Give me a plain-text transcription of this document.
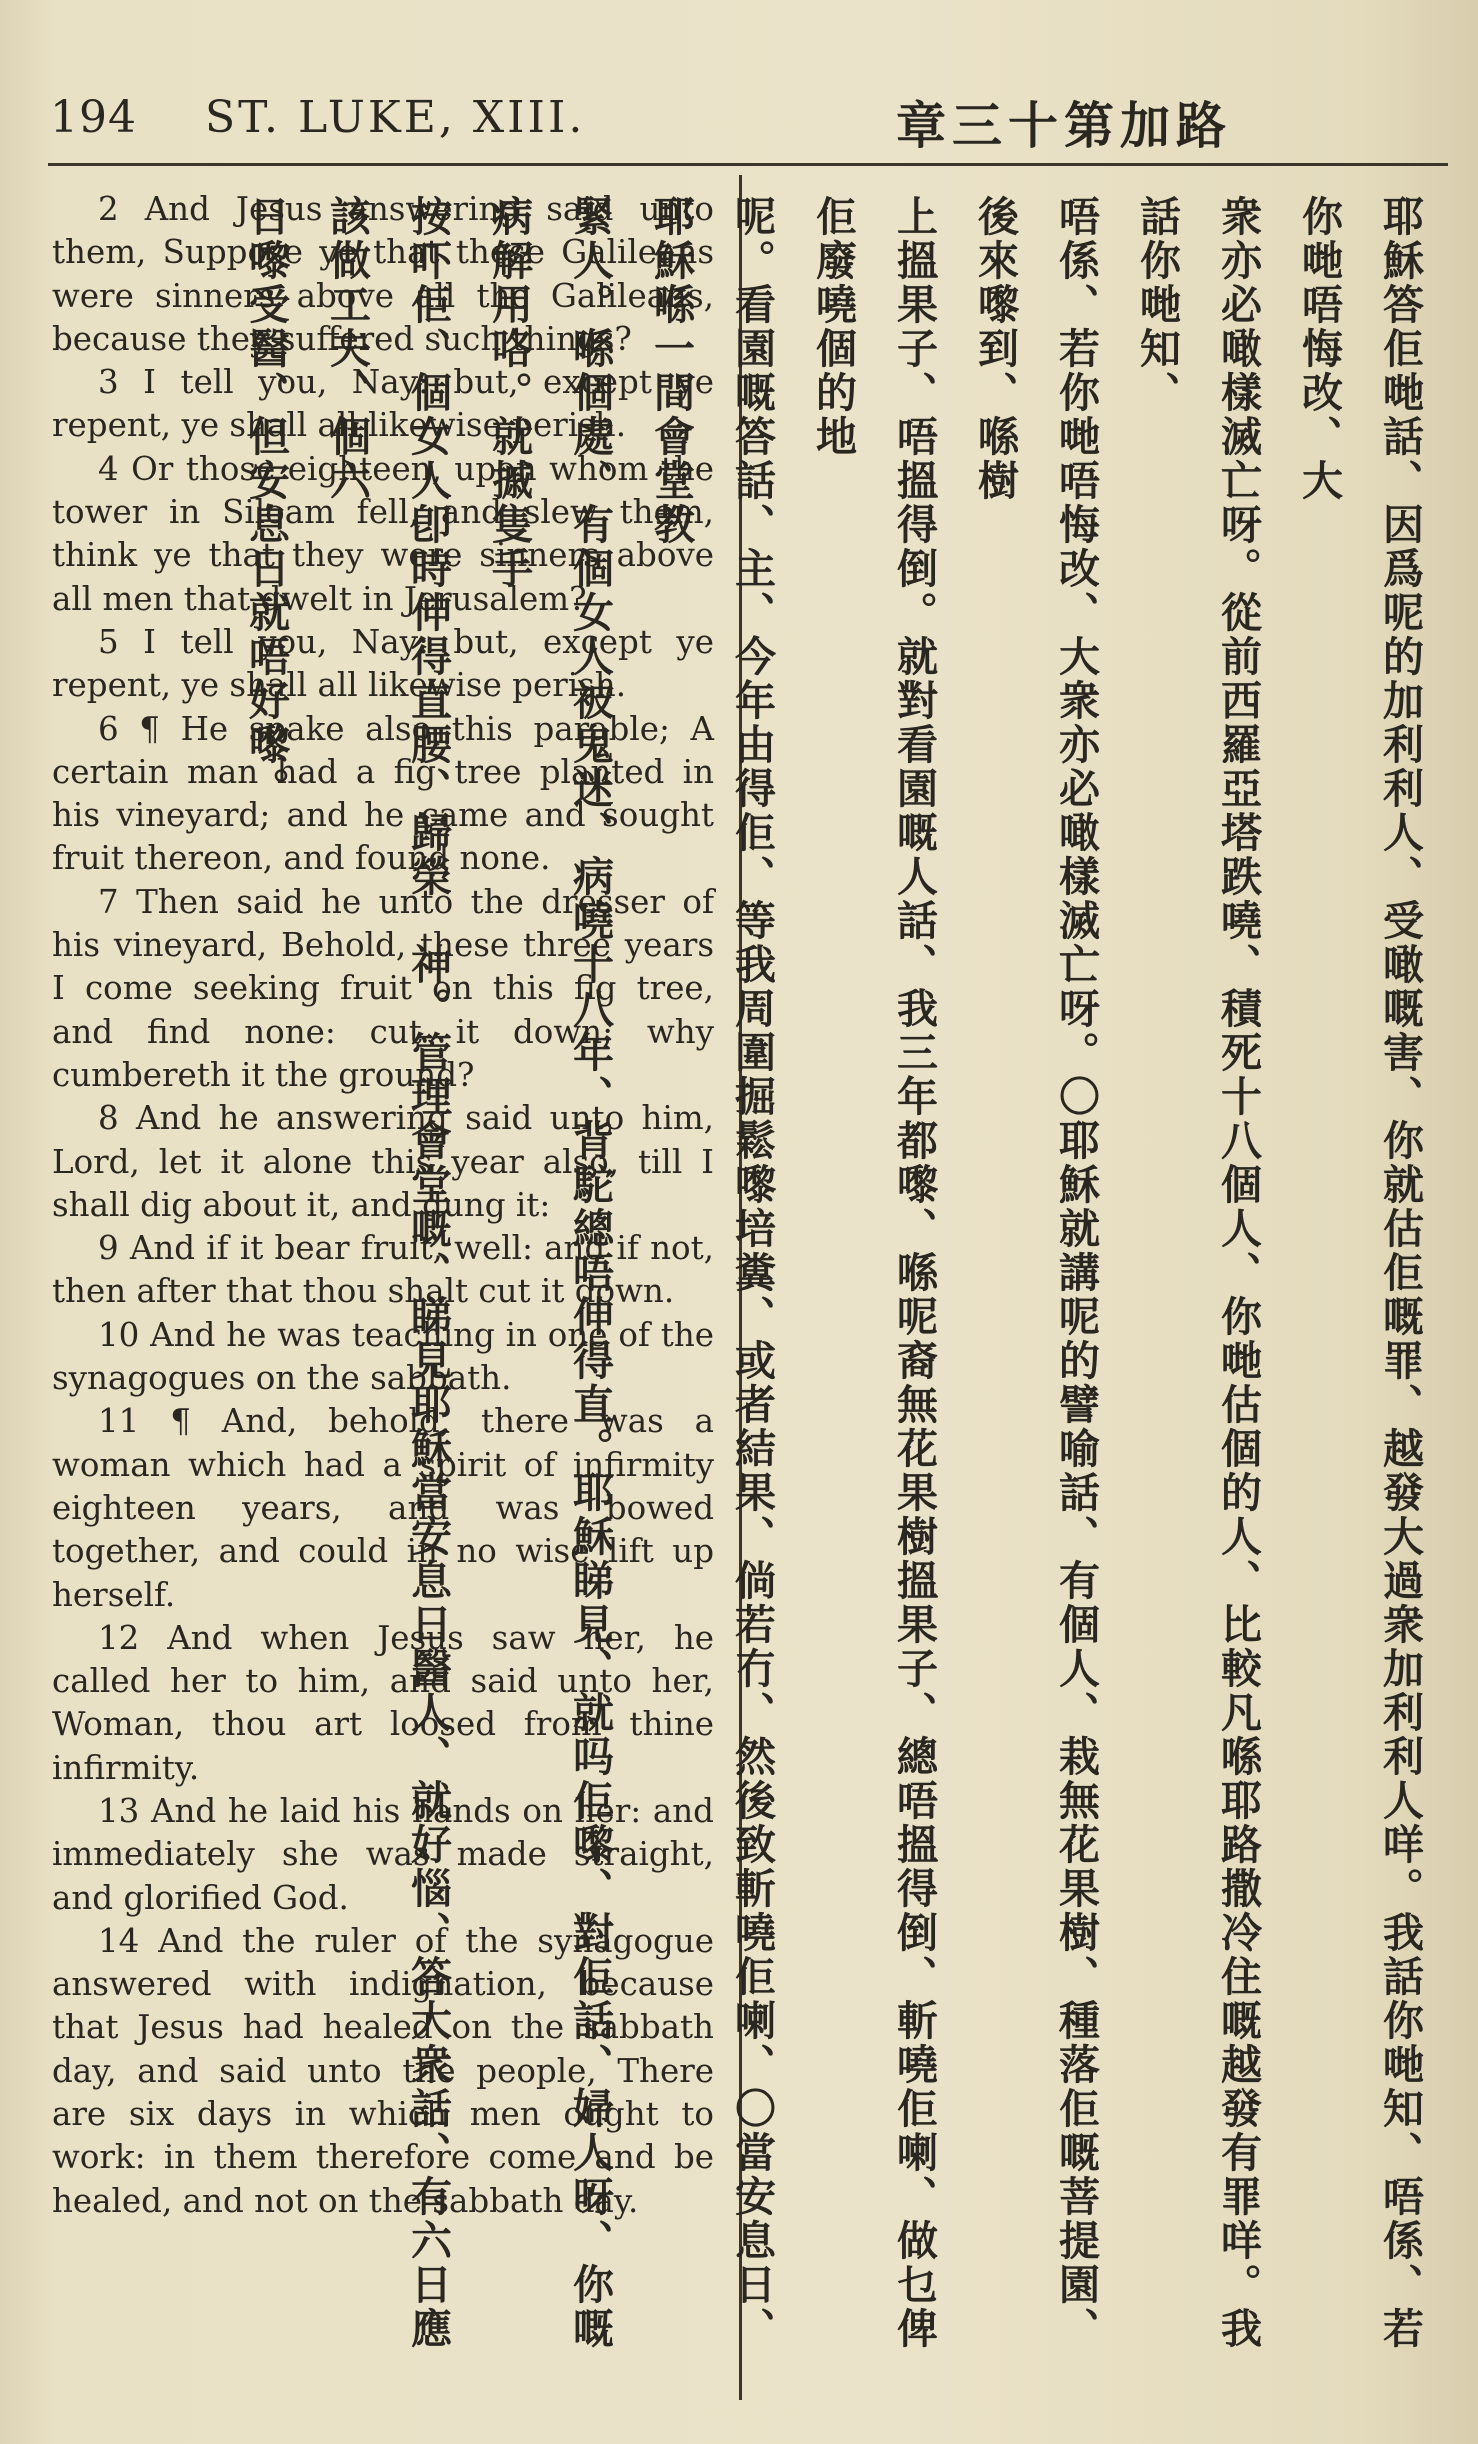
194 ST. LUKE, XIII.	路加第十三章

2 And Jesus answering said unto them, Suppose ye that these Galileans were sinners above all the Galileans, because they suffered such things?

3 I tell you, Nay: but, except ye repent, ye shall all likewise perish.

4 Or those eighteen, upon whom the tower in Siloam fell, and slew them, think ye that they were sinners above all men that dwelt in Jerusalem?

5 I tell you, Nay: but, except ye repent, ye shall all likewise perish.

6 ¶ He spake also this parable; A certain man had a fig tree planted in his vineyard; and he came and sought fruit thereon, and found none.

7 Then said he unto the dresser of his vineyard, Behold, these three years I come seeking fruit on this fig tree, and find none: cut it down; why cumbereth it the ground?

8 And he answering said unto him, Lord, let it alone this year also, till I shall dig about it, and dung it:

9 And if it bear fruit, well: and if not, then after that thou shalt cut it down.

10 And he was teaching in one of the synagogues on the sabbath.

11 ¶ And, behold, there was a woman which had a spirit of infirmity eighteen years, and was bowed together, and could in no wise lift up herself.

12 And when Jesus saw her, he called her to him, and said unto her, Woman, thou art loosed from thine infirmity.

13 And he laid his hands on her: and immediately she was made straight, and glorified God.

14 And the ruler of the synagogue answered with indignation, because that Jesus had healed on the sabbath day, and said unto the people, There are six days in which men ought to work: in them therefore come and be healed, and not on the sabbath day.	耶穌答佢哋話、因爲呢的加利利人、受噉嘅害、你就估佢嘅罪、越發大過衆加利利人咩。我話你哋知、唔係、若你哋唔悔改、大
衆亦必噉樣滅亡呀。從前西羅亞塔跌嘵、積死十八個人、你哋估個的人、比較凡喺耶路撒冷住嘅越發有罪咩。我話你哋知、
唔係、若你哋唔悔改、大衆亦必噉樣滅亡呀。〇耶穌就講呢的譬喻話、有個人、栽無花果樹、種落佢嘅菩提園、後來嚟到、喺樹
上搵果子、唔搵得倒。就對看園嘅人話、我三年都嚟、喺呢裔無花果樹搵果子、總唔搵得倒、斬嘵佢喇、做乜俾佢廢嘵個的地
呢。看園嘅答話、主、今年由得佢、等我周圍掘鬆嚟培糞、或者結果、倘若冇、然後致斬嘵佢喇、〇當安息日、耶穌喺一間會堂教
緊人。喺個處、有個女人被鬼迷、病嘵十八年、背駝總唔伸得直。耶穌睇見、就吗佢嚟、對佢話、婦人呀、你嘅病解用咯。就摵隻手
按吓佢、個女人卽時伸得直腰、歸榮　神。管理會堂嘅、睇見耶穌當安息日醫人、就好惱、答大衆話、有六日應該做工夫、個六
日嚟受醫、但安息日就唔好嚟。
